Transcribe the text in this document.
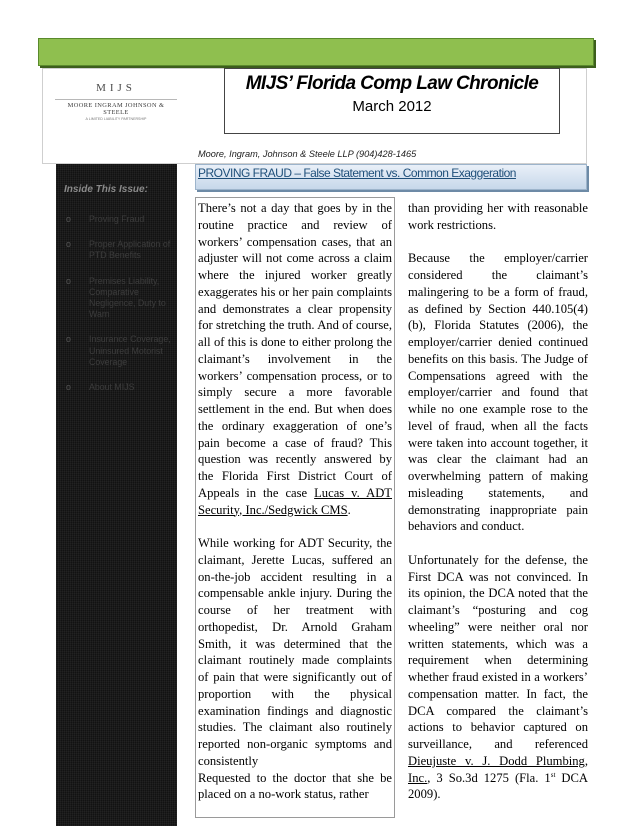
MIJS
MOORE INGRAM JOHNSON & STEELE
A LIMITED LIABILITY PARTNERSHIP
MIJS’ Florida Comp Law Chronicle
March 2012
Moore, Ingram, Johnson & Steele LLP (904)428-1465
Inside This Issue:
o Proving Fraud
o Proper Application of PTD Benefits
o Premises Liability, Comparative Negligence, Duty to Warn
o Insurance Coverage, Uninsured Motorist Coverage
o About MIJS
PROVING FRAUD – False Statement vs. Common Exaggeration

There’s not a day that goes by in the routine practice and review of workers’ compensation cases, that an adjuster will not come across a claim where the injured worker greatly exaggerates his or her pain complaints and demonstrates a clear propensity for stretching the truth. And of course, all of this is done to either prolong the claimant’s involvement in the workers’ compensation process, or to simply secure a more favorable settlement in the end. But when does the ordinary exaggeration of one’s pain become a case of fraud? This question was recently answered by the Florida First District Court of Appeals in the case Lucas v. ADT Security, Inc./Sedgwick CMS.

While working for ADT Security, the claimant, Jerette Lucas, suffered an on-the-job accident resulting in a compensable ankle injury. During the course of her treatment with orthopedist, Dr. Arnold Graham Smith, it was determined that the claimant routinely made complaints of pain that were significantly out of proportion with the physical examination findings and diagnostic studies. The claimant also routinely reported non-organic symptoms and consistently

Requested to the doctor that she be placed on a no-work status, rather

than providing her with reasonable work restrictions.

Because the employer/carrier considered the claimant’s malingering to be a form of fraud, as defined by Section 440.105(4)(b), Florida Statutes (2006), the employer/carrier denied continued benefits on this basis. The Judge of Compensations agreed with the employer/carrier and found that while no one example rose to the level of fraud, when all the facts were taken into account together, it was clear the claimant had an overwhelming pattern of making misleading statements, and demonstrating inappropriate pain behaviors and conduct.

Unfortunately for the defense, the First DCA was not convinced. In its opinion, the DCA noted that the claimant’s “posturing and cog wheeling” were neither oral nor written statements, which was a requirement when determining whether fraud existed in a workers’ compensation matter. In fact, the DCA compared the claimant’s actions to behavior captured on surveillance, and referenced Dieujuste v. J. Dodd Plumbing, Inc., 3 So.3d 1275 (Fla. 1st DCA 2009).
